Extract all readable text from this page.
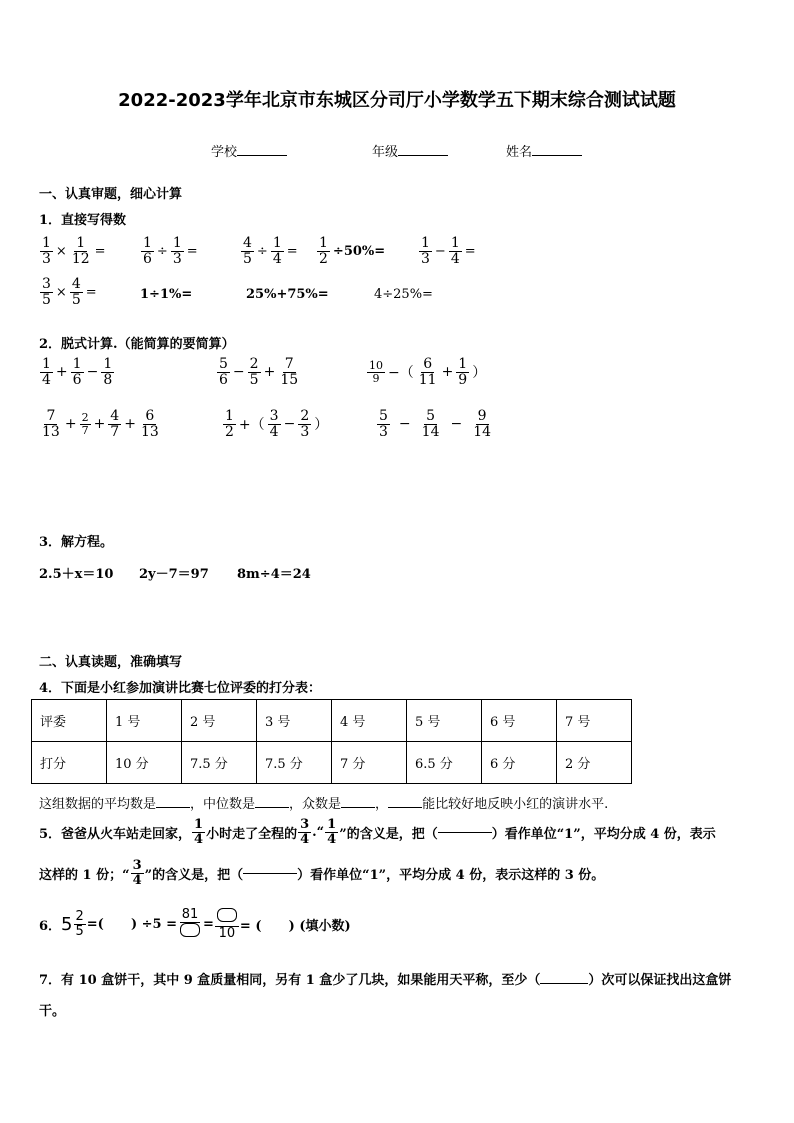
2022-2023学年北京市东城区分司厅小学数学五下期末综合测试试题
学校	年级	姓名
一、认真审题，细心计算
1．直接写得数
$\frac{1}{3} \times \frac{1}{12}$ =	$\frac{1}{6} \div \frac{1}{3}$ =	$\frac{4}{5} \div \frac{1}{4} = \frac{1}{2} \div 50\%= \frac{1}{3} - \frac{1}{4}$ =
$\frac{3}{5} \times \frac{4}{5}$ =	1÷1%=	25%+75%=	4÷25%=
2．脱式计算.（能简算的要简算）
$\frac{1}{4} + \frac{1}{6} - \frac{1}{8}$	$\frac{5}{6} - \frac{2}{5} + \frac{7}{15}$	$\frac{10}{9}$ −（ $\frac{6}{11} + \frac{1}{9}$ ）
$\frac{7}{13} + \frac{2}{7} + \frac{4}{7} + \frac{6}{13}$	$\frac{1}{2}$ +（ $\frac{3}{4} - \frac{2}{3}$ ）	$\frac{5}{3} - \frac{5}{14} - \frac{9}{14}$
3．解方程。
2.5＋x＝10 2y－7＝97 8m÷4＝24
二、认真读题，准确填写
4．下面是小红参加演讲比赛七位评委的打分表：
评委	1 号	2 号	3 号	4 号	5 号	6 号	7 号
打分	10 分	7.5 分	7.5 分	7 分	6.5 分	6 分	2 分
这组数据的平均数是	，中位数是	，众数是	，	能比较好地反映小红的演讲水平.
5．爸爸从火车站走回家， $\frac{1}{4}$ 小时走了全程的 $\frac{3}{4}$ .“ $\frac{1}{4}$ ”的含义是，把（	）看作单位“1”，平均分成 4 份，表示
这样的 1 份；“ $\frac{3}{4}$ ”的含义是，把（	）看作单位“1”，平均分成 4 份，表示这样的 3 份。
6． $5 \frac{2}{5}$ =(      ) ÷5 =
81
=
10 = (      ) (填小数)
7．有 10 盒饼干，其中 9 盒质量相同，另有 1 盒少了几块，如果能用天平称，至少（	）次可以保证找出这盒饼
干。
